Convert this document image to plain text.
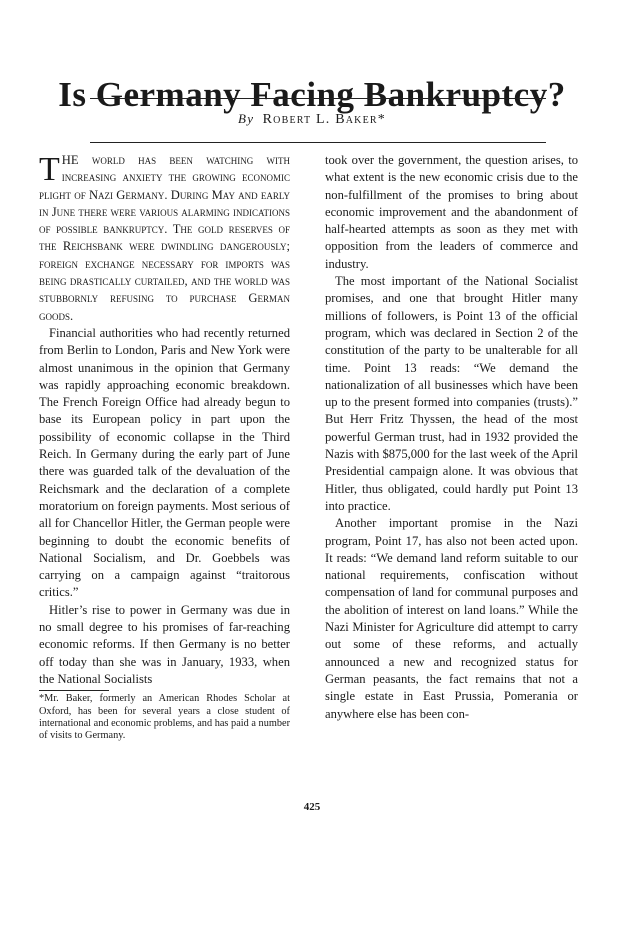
Is Germany Facing Bankruptcy?
By Robert L. Baker*

THE world has been watching with increasing anxiety the growing economic plight of Nazi Germany. During May and early in June there were various alarming indications of possible bankruptcy. The gold reserves of the Reichsbank were dwindling dangerously; foreign exchange necessary for imports was being drastically curtailed, and the world was stubbornly refusing to purchase German goods.

Financial authorities who had recently returned from Berlin to London, Paris and New York were almost unanimous in the opinion that Germany was rapidly approaching economic breakdown. The French Foreign Office had already begun to base its European policy in part upon the possibility of economic collapse in the Third Reich. In Germany during the early part of June there was guarded talk of the devaluation of the Reichsmark and the declaration of a complete moratorium on foreign payments. Most serious of all for Chancellor Hitler, the German people were beginning to doubt the economic benefits of National Socialism, and Dr. Goebbels was carrying on a campaign against “traitorous critics.”

Hitler’s rise to power in Germany was due in no small degree to his promises of far-reaching economic reforms. If then Germany is no better off today than she was in January, 1933, when the National Socialists

*Mr. Baker, formerly an American Rhodes Scholar at Oxford, has been for several years a close student of international and economic problems, and has paid a number of visits to Germany.

took over the government, the question arises, to what extent is the new economic crisis due to the non-fulfillment of the promises to bring about economic improvement and the abandonment of half-hearted attempts as soon as they met with opposition from the leaders of commerce and industry.

The most important of the National Socialist promises, and one that brought Hitler many millions of followers, is Point 13 of the official program, which was declared in Section 2 of the constitution of the party to be unalterable for all time. Point 13 reads: “We demand the nationalization of all businesses which have been up to the present formed into companies (trusts).” But Herr Fritz Thyssen, the head of the most powerful German trust, had in 1932 provided the Nazis with $875,000 for the last week of the April Presidential campaign alone. It was obvious that Hitler, thus obligated, could hardly put Point 13 into practice.

Another important promise in the Nazi program, Point 17, has also not been acted upon. It reads: “We demand land reform suitable to our national requirements, confiscation without compensation of land for communal purposes and the abolition of interest on land loans.” While the Nazi Minister for Agriculture did attempt to carry out some of these reforms, and actually announced a new and recognized status for German peasants, the fact remains that not a single estate in East Prussia, Pomerania or anywhere else has been con-

425
